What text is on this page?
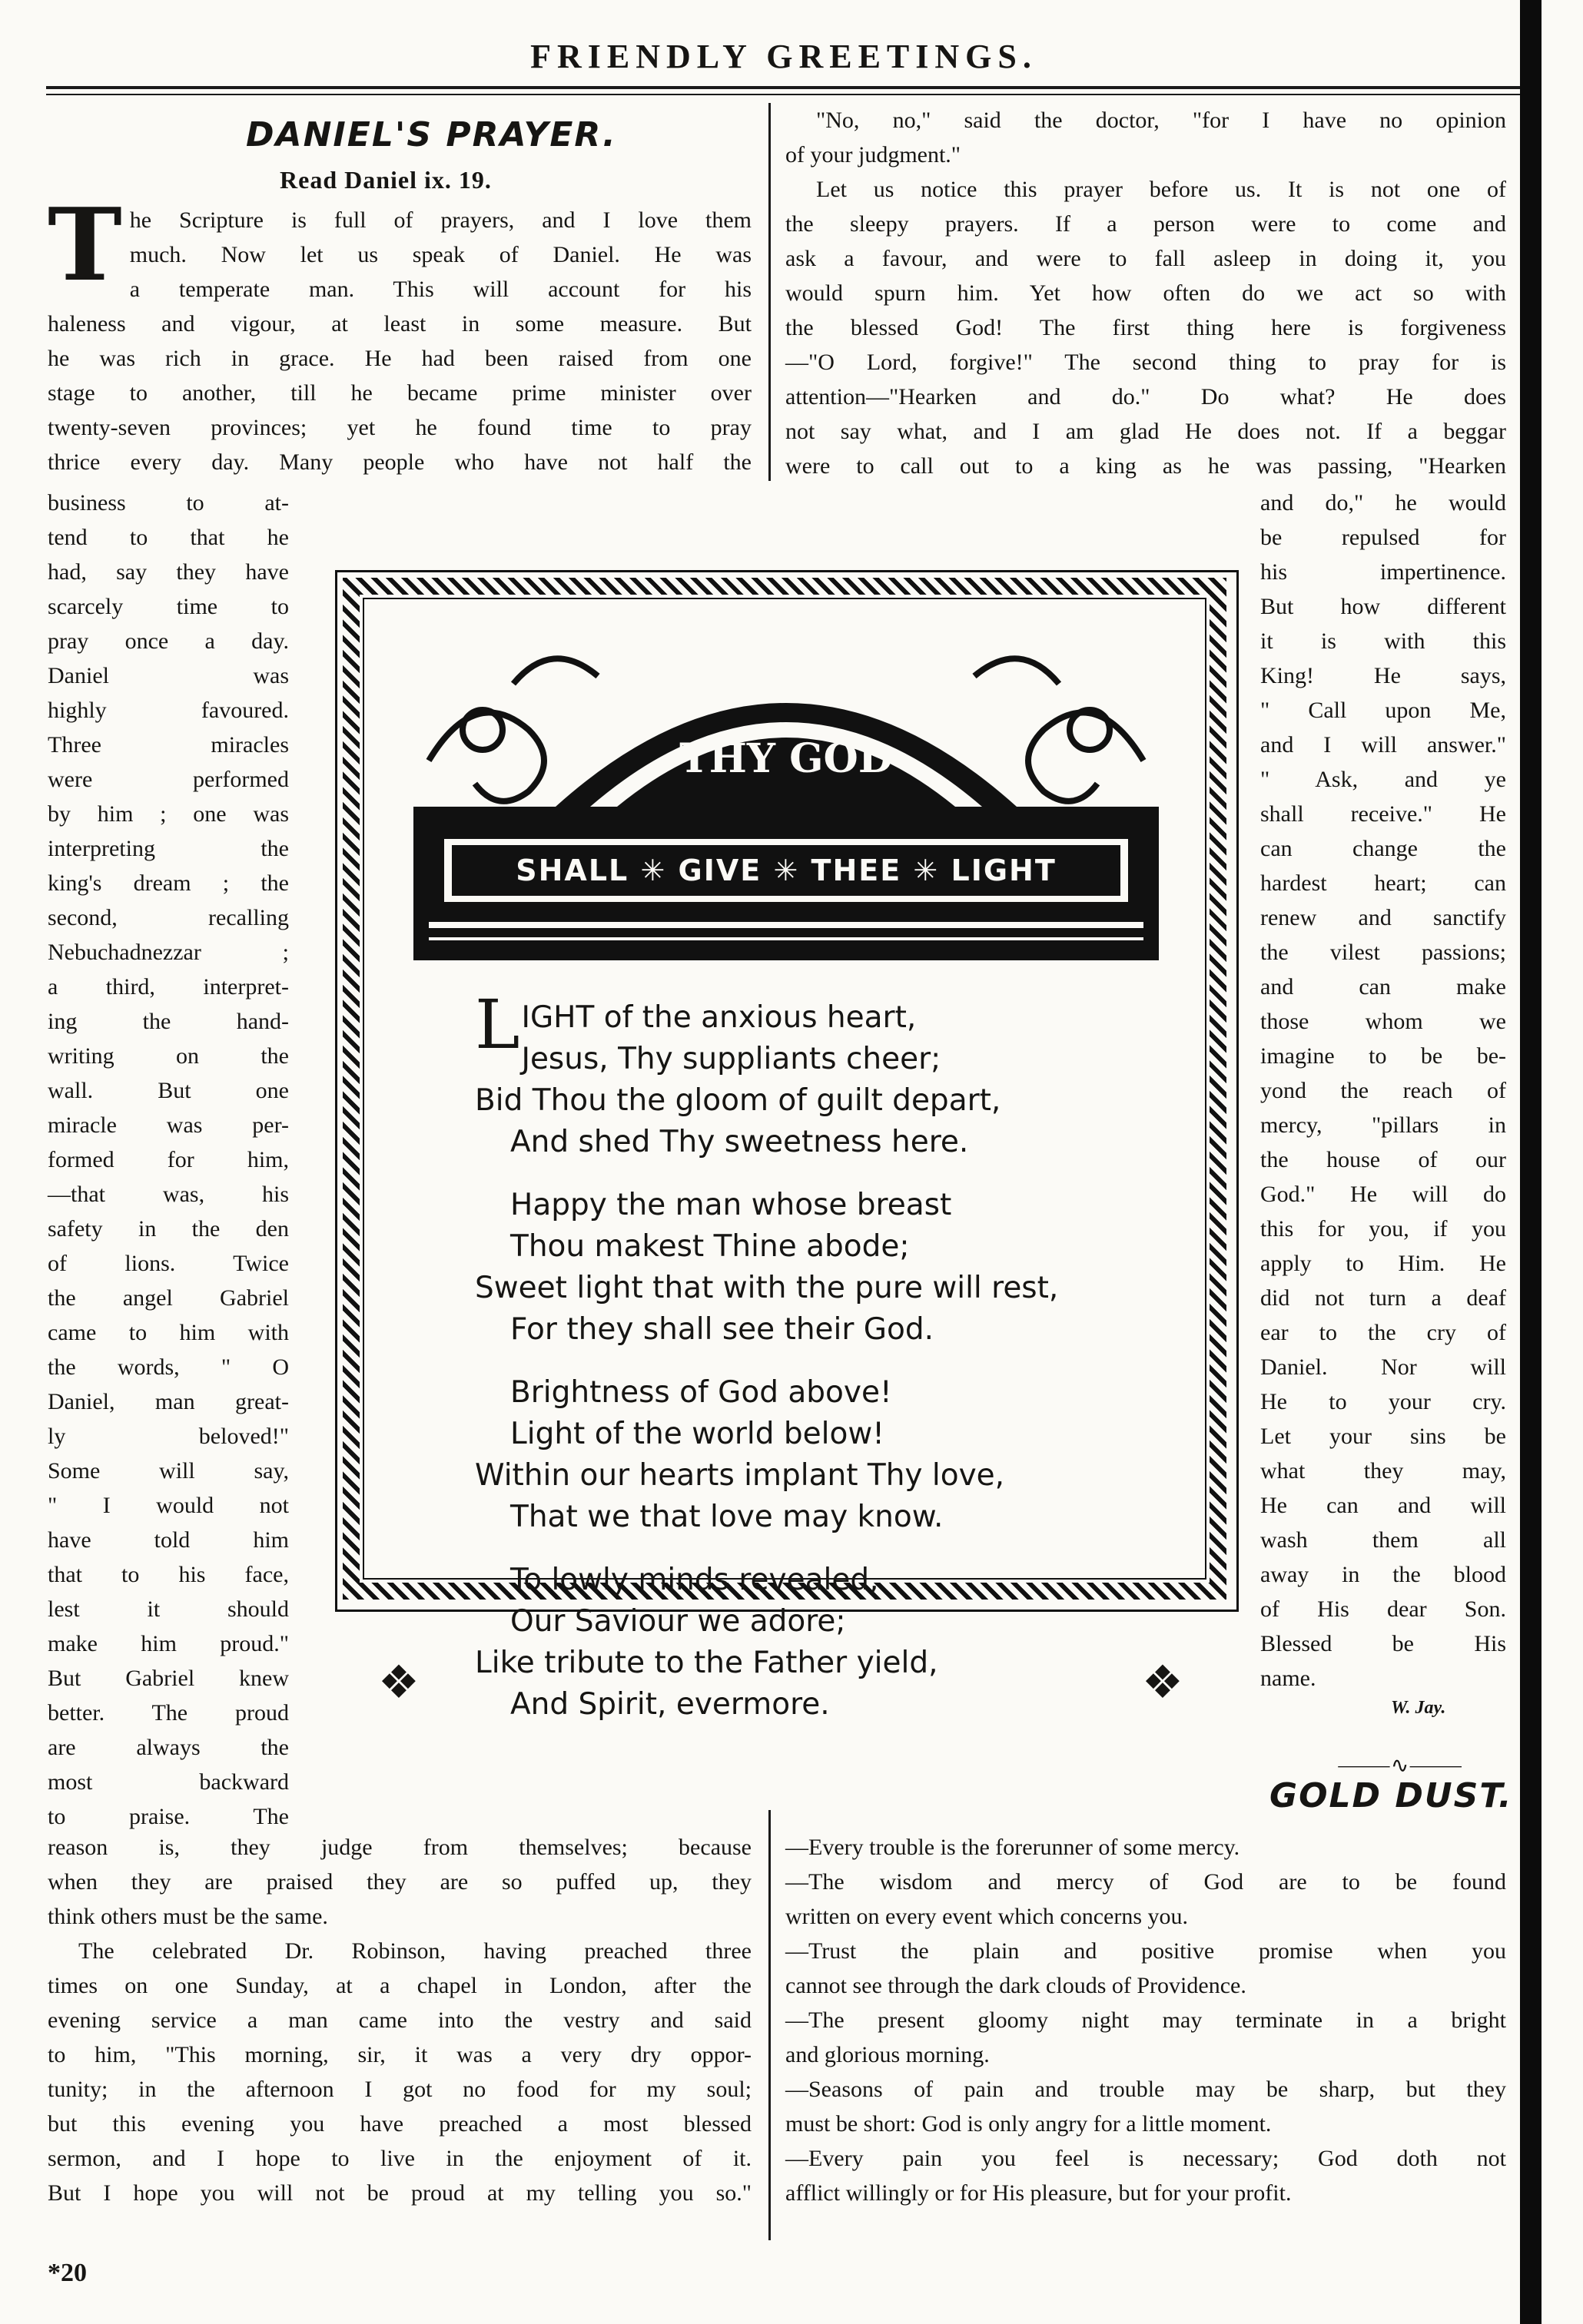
FRIENDLY GREETINGS.
DANIEL'S PRAYER.
Read Daniel ix. 19.
T he Scripture is full of prayers, and I love them
much. Now let us speak of Daniel. He was
a temperate man. This will account for his
haleness and vigour, at least in some measure. But
he was rich in grace. He had been raised from one
stage to another, till he became prime minister over
twenty-seven provinces; yet he found time to pray
thrice every day. Many people who have not half the
business to at-
tend to that he
had, say they have
scarcely time to
pray once a day.
Daniel was
highly favoured.
Three miracles
were performed
by him ; one was
interpreting the
king's dream ; the
second, recalling
Nebuchadnezzar ;
a third, interpret-
ing the hand-
writing on the
wall. But one
miracle was per-
formed for him,
—that was, his
safety in the den
of lions. Twice
the angel Gabriel
came to him with
the words, " O
Daniel, man great-
ly beloved!"
Some will say,
" I would not
have told him
that to his face,
lest it should
make him proud."
But Gabriel knew
better. The proud
are always the
most backward
to praise. The
reason is, they judge from themselves; because
when they are praised they are so puffed up, they
think others must be the same.
The celebrated Dr. Robinson, having preached three
times on one Sunday, at a chapel in London, after the
evening service a man came into the vestry and said
to him, "This morning, sir, it was a very dry oppor-
tunity; in the afternoon I got no food for my soul;
but this evening you have preached a most blessed
sermon, and I hope to live in the enjoyment of it.
But I hope you will not be proud at my telling you so."
"No, no," said the doctor, "for I have no opinion
of your judgment."
Let us notice this prayer before us. It is not one of
the sleepy prayers. If a person were to come and
ask a favour, and were to fall asleep in doing it, you
would spurn him. Yet how often do we act so with
the blessed God! The first thing here is forgiveness
—"O Lord, forgive!" The second thing to pray for is
attention—"Hearken and do." Do what? He does
not say what, and I am glad He does not. If a beggar
were to call out to a king as he was passing, "Hearken
and do," he would
be repulsed for
his impertinence.
But how different
it is with this
King! He says,
" Call upon Me,
and I will answer."
" Ask, and ye
shall receive." He
can change the
hardest heart; can
renew and sanctify
the vilest passions;
and can make
those whom we
imagine to be be-
yond the reach of
mercy, "pillars in
the house of our
God." He will do
this for you, if you
apply to Him. He
did not turn a deaf
ear to the cry of
Daniel. Nor will
He to your cry.
Let your sins be
what they may,
He can and will
wash them all
away in the blood
of His dear Son.
Blessed be His
name.
W. Jay.
⸻∿⸻
GOLD DUST.
—Every trouble is the forerunner of some mercy.
—The wisdom and mercy of God are to be found
written on every event which concerns you.
—Trust the plain and positive promise when you
cannot see through the dark clouds of Providence.
—The present gloomy night may terminate in a bright
and glorious morning.
—Seasons of pain and trouble may be sharp, but they
must be short: God is only angry for a little moment.
—Every pain you feel is necessary; God doth not
afflict willingly or for His pleasure, but for your profit.
*20
THY GOD
SHALL ✳ GIVE ✳ THEE ✳ LIGHT
❖	❖
L IGHT of the anxious heart,
Jesus, Thy suppliants cheer;
Bid Thou the gloom of guilt depart,
And shed Thy sweetness here.
Happy the man whose breast
Thou makest Thine abode;
Sweet light that with the pure will rest,
For they shall see their God.
Brightness of God above!
Light of the world below!
Within our hearts implant Thy love,
That we that love may know.
To lowly minds revealed,
Our Saviour we adore;
Like tribute to the Father yield,
And Spirit, evermore.
